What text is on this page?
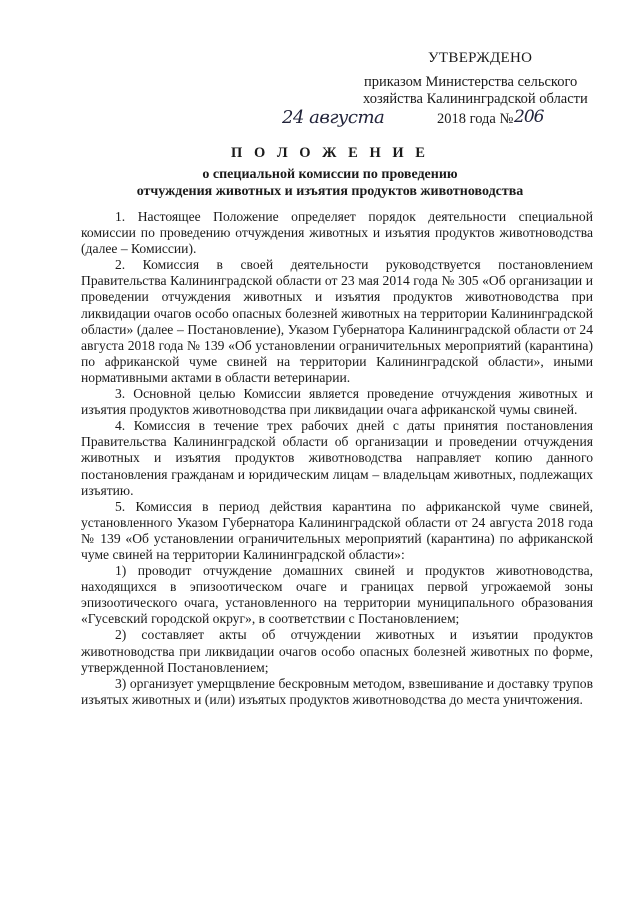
УТВЕРЖДЕНО
приказом Министерства сельского
хозяйства Калининградской области
24 августа	2018 года № 206
П О Л О Ж Е Н И Е
о специальной комиссии по проведению
отчуждения животных и изъятия продуктов животноводства

1. Настоящее Положение определяет порядок деятельности специальной комиссии по проведению отчуждения животных и изъятия продуктов животноводства (далее – Комиссии).

2. Комиссия в своей деятельности руководствуется постановлением Правительства Калининградской области от 23 мая 2014 года № 305 «Об организации и проведении отчуждения животных и изъятия продуктов животноводства при ликвидации очагов особо опасных болезней животных на территории Калининградской области» (далее – Постановление), Указом Губернатора Калининградской области от 24 августа 2018 года № 139 «Об установлении ограничительных мероприятий (карантина) по африканской чуме свиней на территории Калининградской области», иными нормативными актами в области ветеринарии.

3. Основной целью Комиссии является проведение отчуждения животных и изъятия продуктов животноводства при ликвидации очага африканской чумы свиней.

4. Комиссия в течение трех рабочих дней с даты принятия постановления Правительства Калининградской области об организации и проведении отчуждения животных и изъятия продуктов животноводства направляет копию данного постановления гражданам и юридическим лицам – владельцам животных, подлежащих изъятию.

5. Комиссия в период действия карантина по африканской чуме свиней, установленного Указом Губернатора Калининградской области от 24 августа 2018 года № 139 «Об установлении ограничительных мероприятий (карантина) по африканской чуме свиней на территории Калининградской области»:

1) проводит отчуждение домашних свиней и продуктов животноводства, находящихся в эпизоотическом очаге и границах первой угрожаемой зоны эпизоотического очага, установленного на территории муниципального образования «Гусевский городской округ», в соответствии с Постановлением;

2) составляет акты об отчуждении животных и изъятии продуктов животноводства при ликвидации очагов особо опасных болезней животных по форме, утвержденной Постановлением;

3) организует умерщвление бескровным методом, взвешивание и доставку трупов изъятых животных и (или) изъятых продуктов животноводства до места уничтожения.
